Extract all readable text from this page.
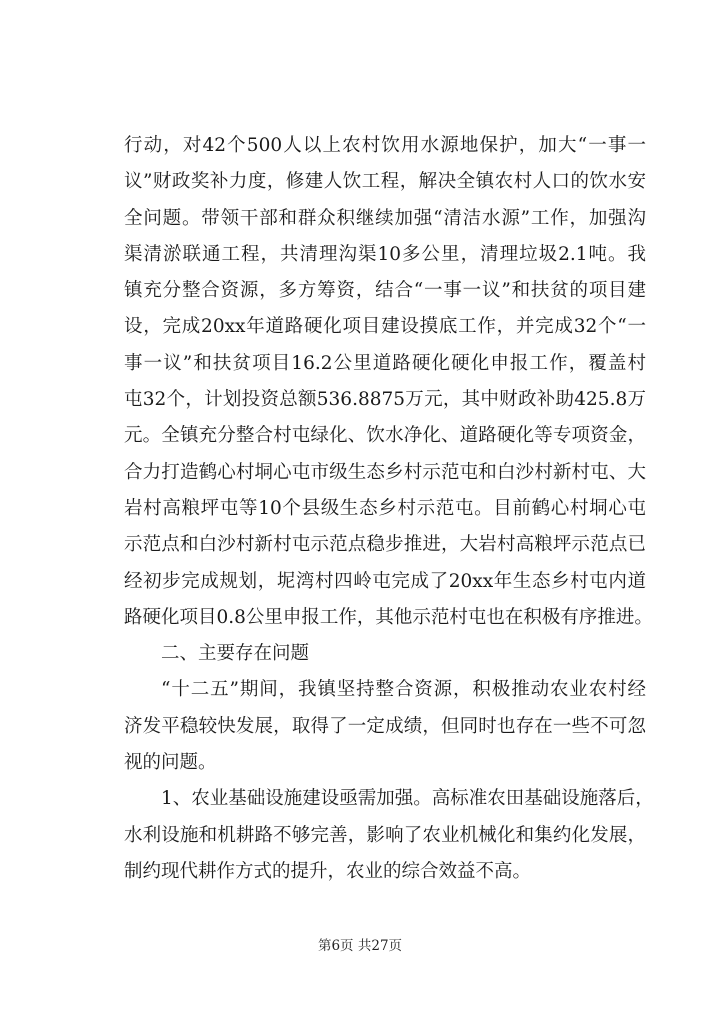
行动，对42个500人以上农村饮用水源地保护，加大“一事一
议”财政奖补力度，修建人饮工程，解决全镇农村人口的饮水安
全问题。带领干部和群众积继续加强“清洁水源”工作，加强沟
渠清淤联通工程，共清理沟渠10多公里，清理垃圾2.1吨。我
镇充分整合资源，多方筹资，结合“一事一议”和扶贫的项目建
设，完成20xx年道路硬化项目建设摸底工作，并完成32个“一
事一议”和扶贫项目16.2公里道路硬化硬化申报工作，覆盖村
屯32个，计划投资总额536.8875万元，其中财政补助425.8万
元。全镇充分整合村屯绿化、饮水净化、道路硬化等专项资金，
合力打造鹤心村垌心屯市级生态乡村示范屯和白沙村新村屯、大
岩村高粮坪屯等10个县级生态乡村示范屯。目前鹤心村垌心屯
示范点和白沙村新村屯示范点稳步推进，大岩村高粮坪示范点已
经初步完成规划，坭湾村四岭屯完成了20xx年生态乡村屯内道
路硬化项目0.8公里申报工作，其他示范村屯也在积极有序推进。
二、主要存在问题
“十二五”期间，我镇坚持整合资源，积极推动农业农村经
济发平稳较快发展，取得了一定成绩，但同时也存在一些不可忽
视的问题。
1、农业基础设施建设亟需加强。高标准农田基础设施落后，
水利设施和机耕路不够完善，影响了农业机械化和集约化发展，
制约现代耕作方式的提升，农业的综合效益不高。
第6页 共27页
